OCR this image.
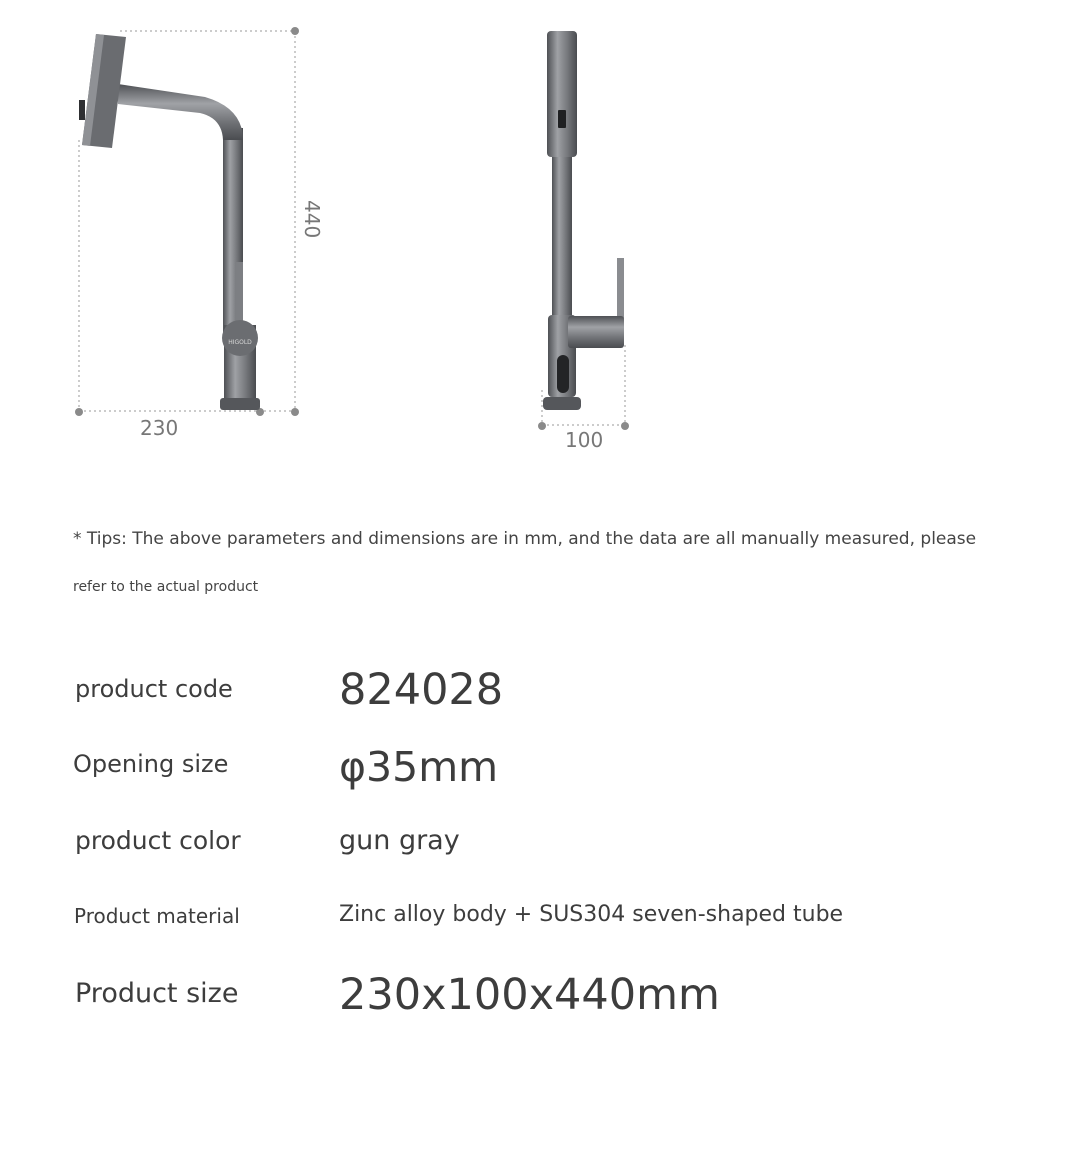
HIGOLD
230	100
440
* Tips: The above parameters and dimensions are in mm, and the data are all manually measured, please
refer to the actual product
product code 824028
Opening size	φ35mm
product color	gun gray
Product material	Zinc alloy body + SUS304 seven-shaped tube
Product size 230x100x440mm
